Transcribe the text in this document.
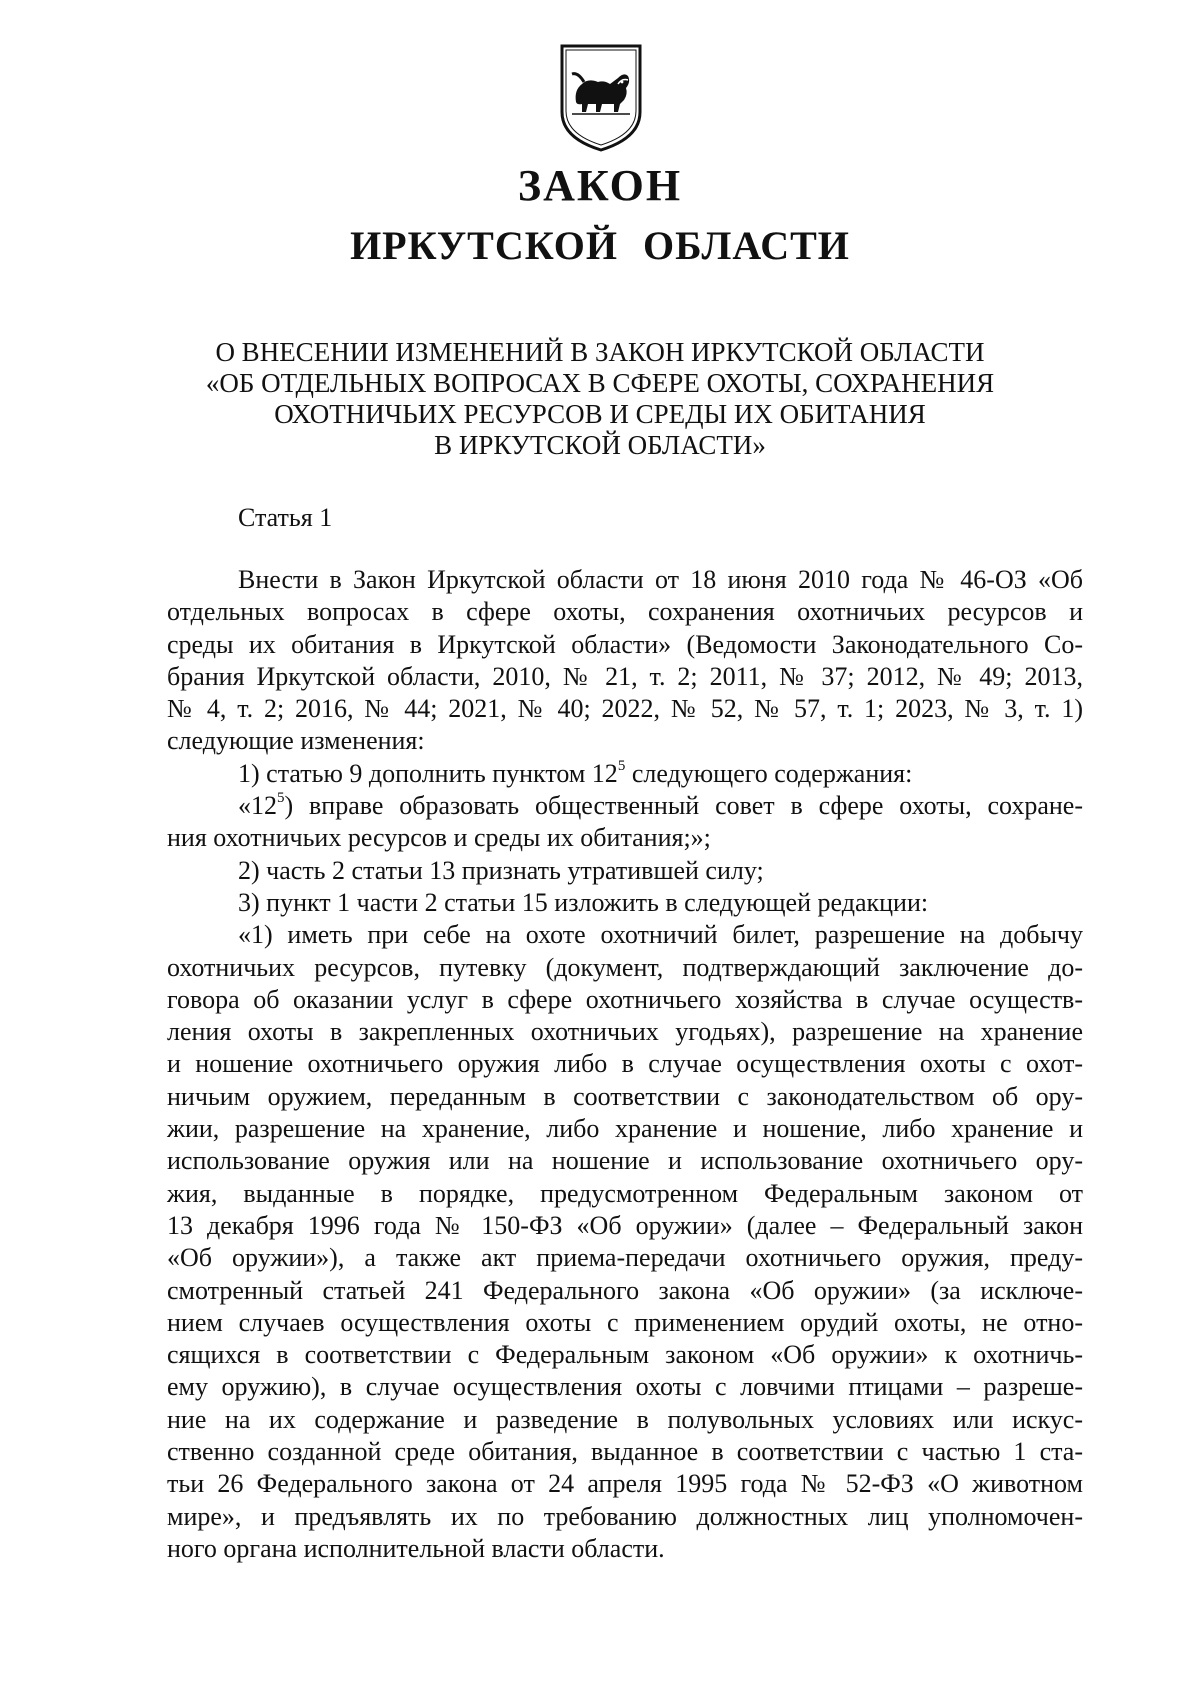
ЗАКОН
ИРКУТСКОЙ ОБЛАСТИ
О ВНЕСЕНИИ ИЗМЕНЕНИЙ В ЗАКОН ИРКУТСКОЙ ОБЛАСТИ
«ОБ ОТДЕЛЬНЫХ ВОПРОСАХ В СФЕРЕ ОХОТЫ, СОХРАНЕНИЯ
ОХОТНИЧЬИХ РЕСУРСОВ И СРЕДЫ ИХ ОБИТАНИЯ
В ИРКУТСКОЙ ОБЛАСТИ»
Статья 1
Внести в Закон Иркутской области от 18 июня 2010 года № 46-ОЗ «Об
отдельных вопросах в сфере охоты, сохранения охотничьих ресурсов и
среды их обитания в Иркутской области» (Ведомости Законодательного Со-
брания Иркутской области, 2010, № 21, т. 2; 2011, № 37; 2012, № 49; 2013,
№ 4, т. 2; 2016, № 44; 2021, № 40; 2022, № 52, № 57, т. 1; 2023, № 3, т. 1)
следующие изменения:
1) статью 9 дополнить пунктом $12^5$ следующего содержания:
«$12^5$) вправе образовать общественный совет в сфере охоты, сохране-
ния охотничьих ресурсов и среды их обитания;»;
2) часть 2 статьи 13 признать утратившей силу;
3) пункт 1 части 2 статьи 15 изложить в следующей редакции:
«1) иметь при себе на охоте охотничий билет, разрешение на добычу
охотничьих ресурсов, путевку (документ, подтверждающий заключение до-
говора об оказании услуг в сфере охотничьего хозяйства в случае осуществ-
ления охоты в закрепленных охотничьих угодьях), разрешение на хранение
и ношение охотничьего оружия либо в случае осуществления охоты с охот-
ничьим оружием, переданным в соответствии с законодательством об ору-
жии, разрешение на хранение, либо хранение и ношение, либо хранение и
использование оружия или на ношение и использование охотничьего ору-
жия, выданные в порядке, предусмотренном Федеральным законом от
13 декабря 1996 года № 150-ФЗ «Об оружии» (далее – Федеральный закон
«Об оружии»), а также акт приема-передачи охотничьего оружия, преду-
смотренный статьей 241 Федерального закона «Об оружии» (за исключе-
нием случаев осуществления охоты с применением орудий охоты, не отно-
сящихся в соответствии с Федеральным законом «Об оружии» к охотничь-
ему оружию), в случае осуществления охоты с ловчими птицами – разреше-
ние на их содержание и разведение в полувольных условиях или искус-
ственно созданной среде обитания, выданное в соответствии с частью 1 ста-
тьи 26 Федерального закона от 24 апреля 1995 года № 52-ФЗ «О животном
мире», и предъявлять их по требованию должностных лиц уполномочен-
ного органа исполнительной власти области.
